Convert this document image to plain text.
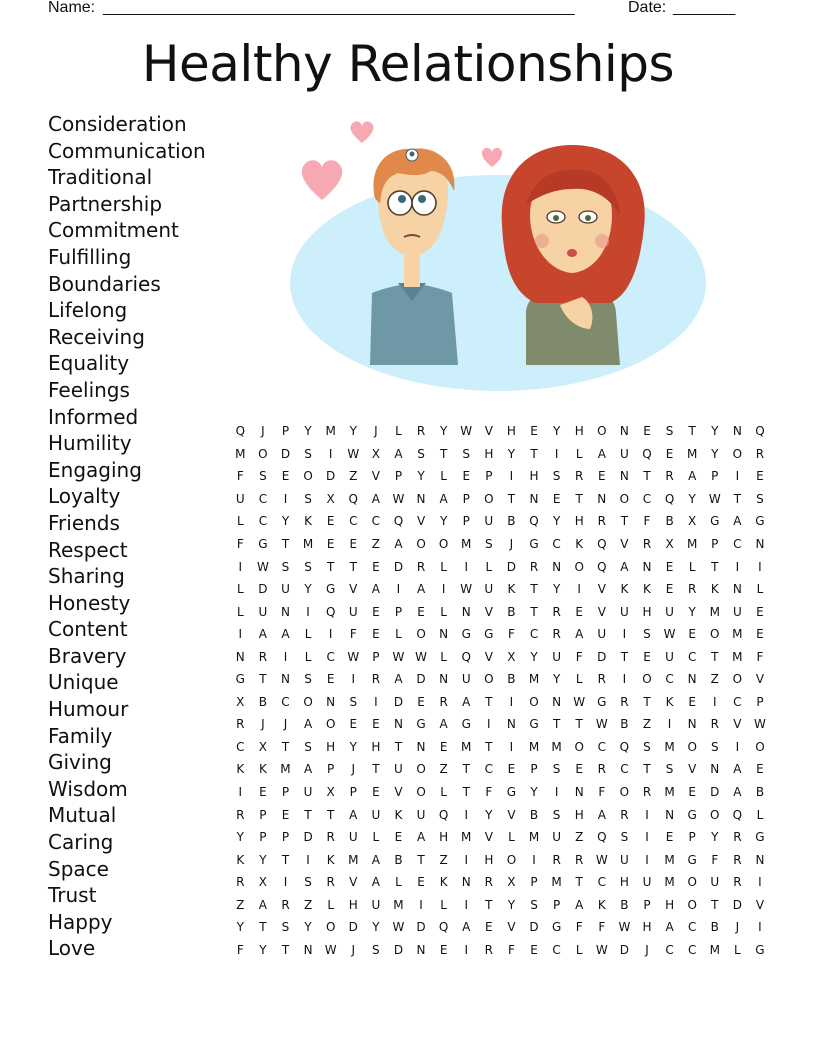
Name: _____________________________________________________	Date: _______
Healthy Relationships
Consideration
Communication
Traditional
Partnership
Commitment
Fulfilling
Boundaries
Lifelong
Receiving
Equality
Feelings
Informed
Humility
Engaging
Loyalty
Friends
Respect
Sharing
Honesty
Content
Bravery
Unique
Humour
Family
Giving
Wisdom
Mutual
Caring
Space
Trust
Happy
Love
Q	J	P	Y	M	Y	J	L	R	Y	W	V	H	E	Y	H	O	N	E	S	T	Y	N	Q
M	O	D	S	I	W	X	A	S	T	S	H	Y	T	I	L	A	U	Q	E	M	Y	O	R
F	S	E	O	D	Z	V	P	Y	L	E	P	I	H	S	R	E	N	T	R	A	P	I	E
U	C	I	S	X	Q	A	W	N	A	P	O	T	N	E	T	N	O	C	Q	Y	W	T	S
L	C	Y	K	E	C	C	Q	V	Y	P	U	B	Q	Y	H	R	T	F	B	X	G	A	G
F	G	T	M	E	E	Z	A	O	O	M	S	J	G	C	K	Q	V	R	X	M	P	C	N
I	W	S	S	T	T	E	D	R	L	I	L	D	R	N	O	Q	A	N	E	L	T	I	I
L	D	U	Y	G	V	A	I	A	I	W	U	K	T	Y	I	V	K	K	E	R	K	N	L
L	U	N	I	Q	U	E	P	E	L	N	V	B	T	R	E	V	U	H	U	Y	M	U	E
I	A	A	L	I	F	E	L	O	N	G	G	F	C	R	A	U	I	S	W	E	O	M	E
N	R	I	L	C	W	P	W	W	L	Q	V	X	Y	U	F	D	T	E	U	C	T	M	F
G	T	N	S	E	I	R	A	D	N	U	O	B	M	Y	L	R	I	O	C	N	Z	O	V
X	B	C	O	N	S	I	D	E	R	A	T	I	O	N	W	G	R	T	K	E	I	C	P
R	J	J	A	O	E	E	N	G	A	G	I	N	G	T	T	W	B	Z	I	N	R	V	W
C	X	T	S	H	Y	H	T	N	E	M	T	I	M	M	O	C	Q	S	M	O	S	I	O
K	K	M	A	P	J	T	U	O	Z	T	C	E	P	S	E	R	C	T	S	V	N	A	E
I	E	P	U	X	P	E	V	O	L	T	F	G	Y	I	N	F	O	R	M	E	D	A	B
R	P	E	T	T	A	U	K	U	Q	I	Y	V	B	S	H	A	R	I	N	G	O	Q	L
Y	P	P	D	R	U	L	E	A	H	M	V	L	M	U	Z	Q	S	I	E	P	Y	R	G
K	Y	T	I	K	M	A	B	T	Z	I	H	O	I	R	R	W	U	I	M	G	F	R	N
R	X	I	S	R	V	A	L	E	K	N	R	X	P	M	T	C	H	U	M	O	U	R	I
Z	A	R	Z	L	H	U	M	I	L	I	T	Y	S	P	A	K	B	P	H	O	T	D	V
Y	T	S	Y	O	D	Y	W	D	Q	A	E	V	D	G	F	F	W	H	A	C	B	J	I
F	Y	T	N	W	J	S	D	N	E	I	R	F	E	C	L	W	D	J	C	C	M	L	G
